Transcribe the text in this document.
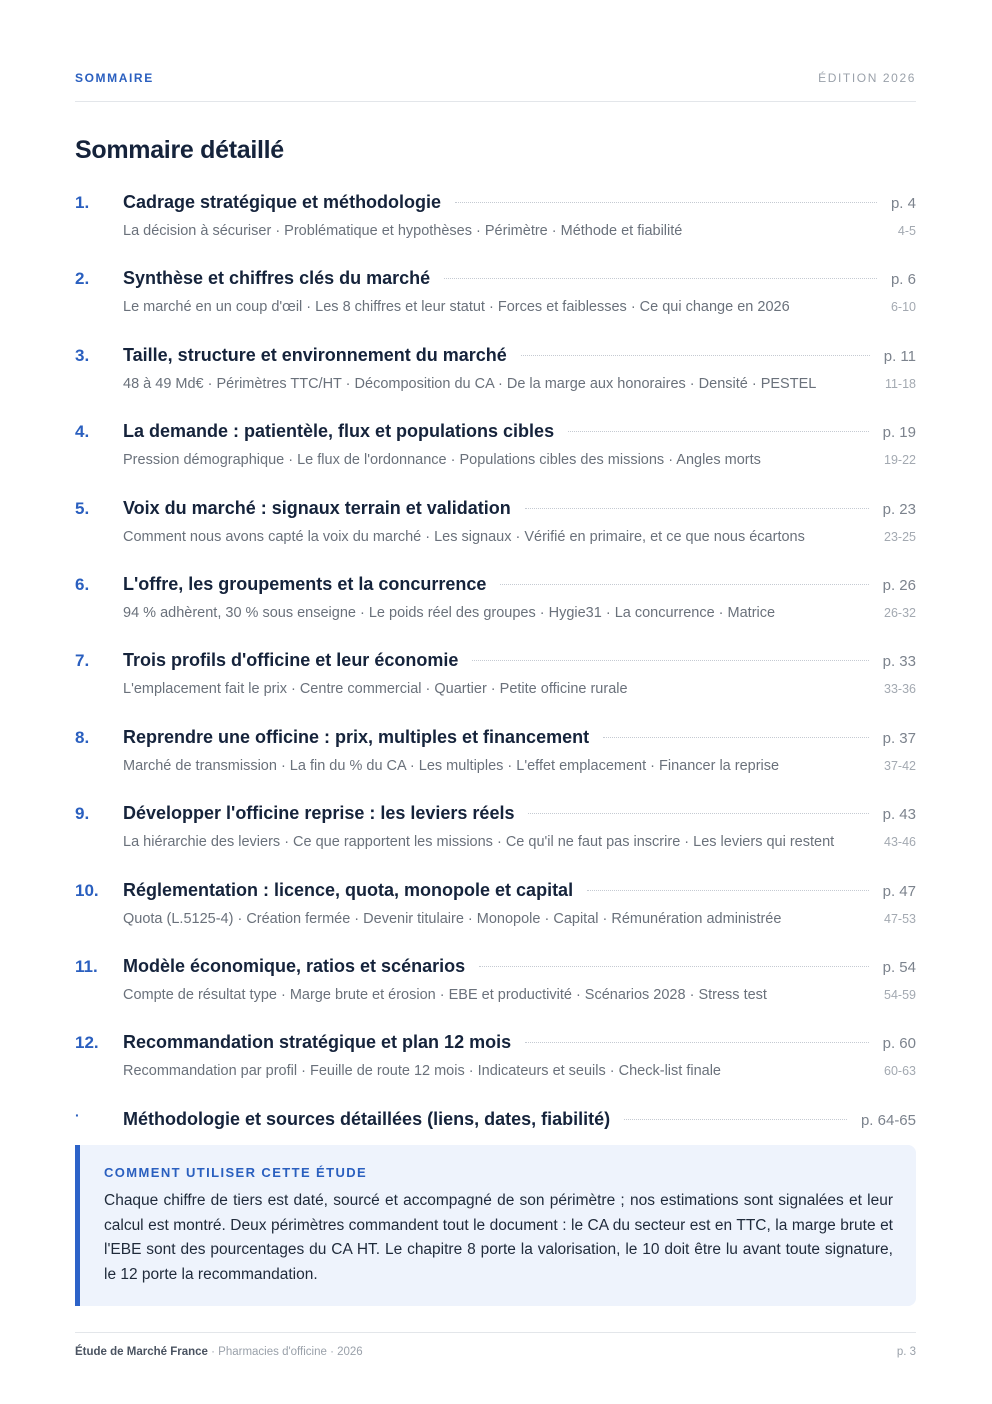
SOMMAIRE	ÉDITION 2026
Sommaire détaillé
1. Cadrage stratégique et méthodologie	p. 4
La décision à sécuriser · Problématique et hypothèses · Périmètre · Méthode et fiabilité	4-5
2. Synthèse et chiffres clés du marché	p. 6
Le marché en un coup d'œil · Les 8 chiffres et leur statut · Forces et faiblesses · Ce qui change en 2026	6-10
3. Taille, structure et environnement du marché	p. 11
48 à 49 Md€ · Périmètres TTC/HT · Décomposition du CA · De la marge aux honoraires · Densité · PESTEL	11-18
4. La demande : patientèle, flux et populations cibles	p. 19
Pression démographique · Le flux de l'ordonnance · Populations cibles des missions · Angles morts	19-22
5. Voix du marché : signaux terrain et validation	p. 23
Comment nous avons capté la voix du marché · Les signaux · Vérifié en primaire, et ce que nous écartons	23-25
6. L'offre, les groupements et la concurrence	p. 26
94 % adhèrent, 30 % sous enseigne · Le poids réel des groupes · Hygie31 · La concurrence · Matrice	26-32
7. Trois profils d'officine et leur économie	p. 33
L'emplacement fait le prix · Centre commercial · Quartier · Petite officine rurale	33-36
8. Reprendre une officine : prix, multiples et financement	p. 37
Marché de transmission · La fin du % du CA · Les multiples · L'effet emplacement · Financer la reprise	37-42
9. Développer l'officine reprise : les leviers réels	p. 43
La hiérarchie des leviers · Ce que rapportent les missions · Ce qu'il ne faut pas inscrire · Les leviers qui restent	43-46
10. Réglementation : licence, quota, monopole et capital	p. 47
Quota (L.5125-4) · Création fermée · Devenir titulaire · Monopole · Capital · Rémunération administrée	47-53
11. Modèle économique, ratios et scénarios	p. 54
Compte de résultat type · Marge brute et érosion · EBE et productivité · Scénarios 2028 · Stress test	54-59
12. Recommandation stratégique et plan 12 mois	p. 60
Recommandation par profil · Feuille de route 12 mois · Indicateurs et seuils · Check-list finale	60-63
· Méthodologie et sources détaillées (liens, dates, fiabilité)	p. 64-65
COMMENT UTILISER CETTE ÉTUDE
Chaque chiffre de tiers est daté, sourcé et accompagné de son périmètre ; nos estimations sont signalées et leur calcul est montré. Deux périmètres commandent tout le document : le CA du secteur est en TTC, la marge brute et l'EBE sont des pourcentages du CA HT. Le chapitre 8 porte la valorisation, le 10 doit être lu avant toute signature, le 12 porte la recommandation.
Étude de Marché France · Pharmacies d'officine · 2026	p. 3
